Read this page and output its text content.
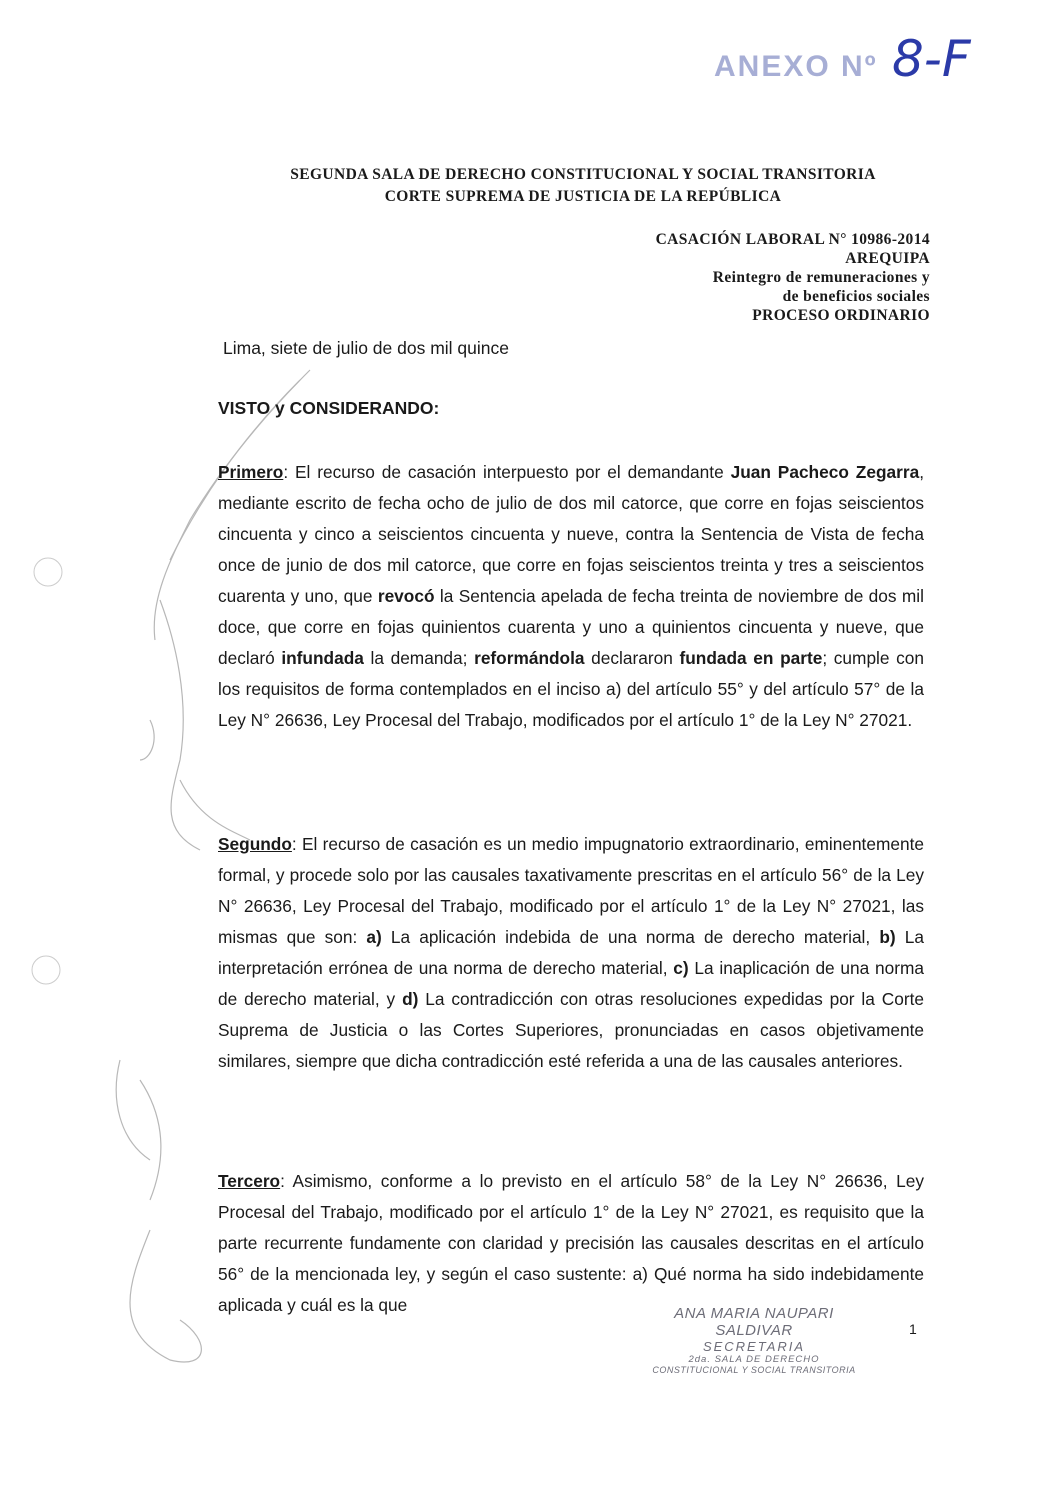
ANEXO Nº 8-F
SEGUNDA SALA DE DERECHO CONSTITUCIONAL Y SOCIAL TRANSITORIA
CORTE SUPREMA DE JUSTICIA DE LA REPÚBLICA
CASACIÓN LABORAL N° 10986-2014
AREQUIPA
Reintegro de remuneraciones y
de beneficios sociales
PROCESO ORDINARIO
Lima, siete de julio de dos mil quince
VISTO y CONSIDERANDO:
Primero: El recurso de casación interpuesto por el demandante Juan Pacheco Zegarra, mediante escrito de fecha ocho de julio de dos mil catorce, que corre en fojas seiscientos cincuenta y cinco a seiscientos cincuenta y nueve, contra la Sentencia de Vista de fecha once de junio de dos mil catorce, que corre en fojas seiscientos treinta y tres a seiscientos cuarenta y uno, que revocó la Sentencia apelada de fecha treinta de noviembre de dos mil doce, que corre en fojas quinientos cuarenta y uno a quinientos cincuenta y nueve, que declaró infundada la demanda; reformándola declararon fundada en parte; cumple con los requisitos de forma contemplados en el inciso a) del artículo 55° y del artículo 57° de la Ley N° 26636, Ley Procesal del Trabajo, modificados por el artículo 1° de la Ley N° 27021.
Segundo: El recurso de casación es un medio impugnatorio extraordinario, eminentemente formal, y procede solo por las causales taxativamente prescritas en el artículo 56° de la Ley N° 26636, Ley Procesal del Trabajo, modificado por el artículo 1° de la Ley N° 27021, las mismas que son: a) La aplicación indebida de una norma de derecho material, b) La interpretación errónea de una norma de derecho material, c) La inaplicación de una norma de derecho material, y d) La contradicción con otras resoluciones expedidas por la Corte Suprema de Justicia o las Cortes Superiores, pronunciadas en casos objetivamente similares, siempre que dicha contradicción esté referida a una de las causales anteriores.
Tercero: Asimismo, conforme a lo previsto en el artículo 58° de la Ley N° 26636, Ley Procesal del Trabajo, modificado por el artículo 1° de la Ley N° 27021, es requisito que la parte recurrente fundamente con claridad y precisión las causales descritas en el artículo 56° de la mencionada ley, y según el caso sustente: a) Qué norma ha sido indebidamente aplicada y cuál es la que	ANA MARIA NAUPARI SALDIVAR
SECRETARIA
2da. SALA DE DERECHO
CONSTITUCIONAL Y SOCIAL TRANSITORIA
1
